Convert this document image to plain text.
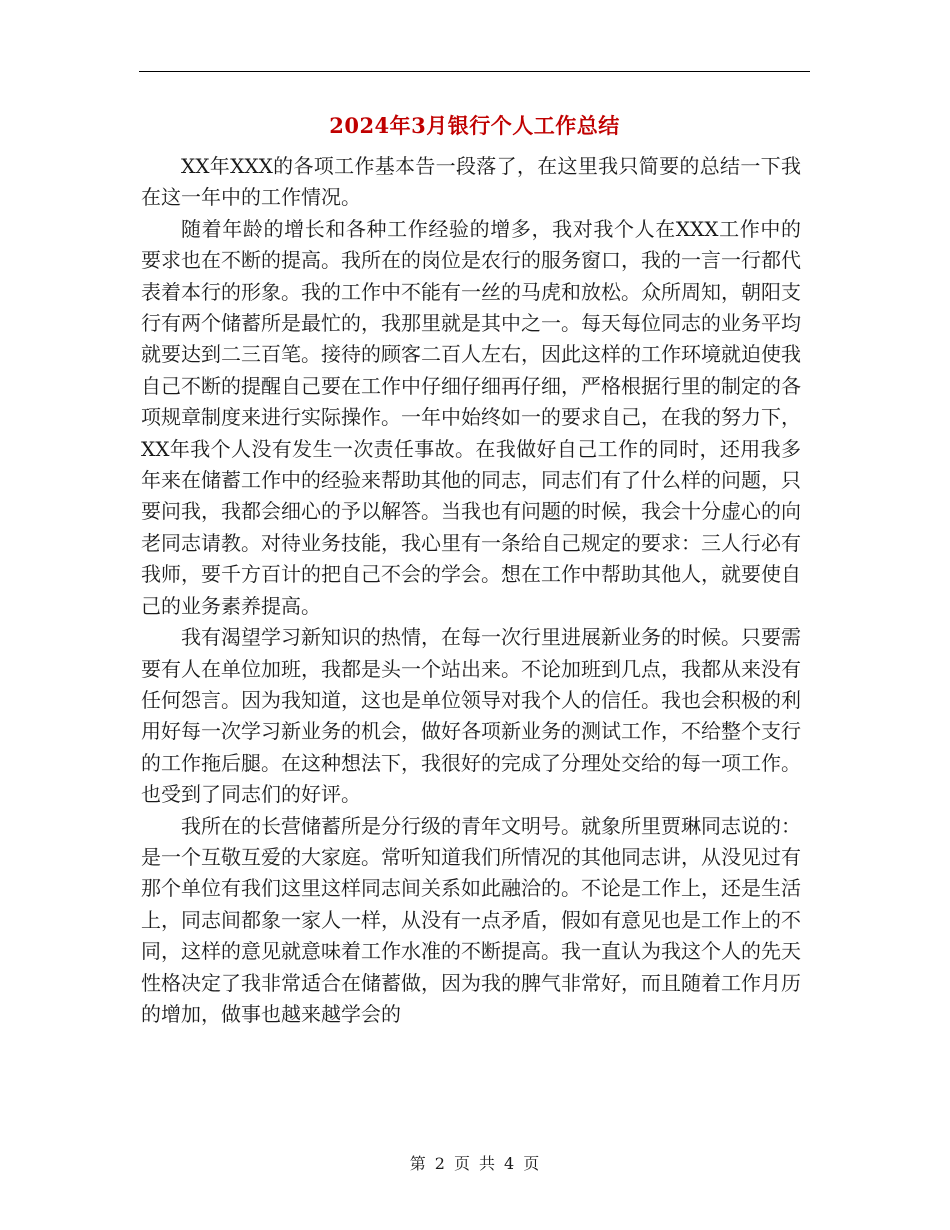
2024年3月银行个人工作总结

XX年XXX的各项工作基本告一段落了，在这里我只简要的总结一下我在这一年中的工作情况。

随着年龄的增长和各种工作经验的增多，我对我个人在XXX工作中的要求也在不断的提高。我所在的岗位是农行的服务窗口，我的一言一行都代表着本行的形象。我的工作中不能有一丝的马虎和放松。众所周知，朝阳支行有两个储蓄所是最忙的，我那里就是其中之一。每天每位同志的业务平均就要达到二三百笔。接待的顾客二百人左右，因此这样的工作环境就迫使我自己不断的提醒自己要在工作中仔细仔细再仔细，严格根据行里的制定的各项规章制度来进行实际操作。一年中始终如一的要求自己，在我的努力下，XX年我个人没有发生一次责任事故。在我做好自己工作的同时，还用我多年来在储蓄工作中的经验来帮助其他的同志，同志们有了什么样的问题，只要问我，我都会细心的予以解答。当我也有问题的时候，我会十分虚心的向老同志请教。对待业务技能，我心里有一条给自己规定的要求：三人行必有我师，要千方百计的把自己不会的学会。想在工作中帮助其他人，就要使自己的业务素养提高。

我有渴望学习新知识的热情，在每一次行里进展新业务的时候。只要需要有人在单位加班，我都是头一个站出来。不论加班到几点，我都从来没有任何怨言。因为我知道，这也是单位领导对我个人的信任。我也会积极的利用好每一次学习新业务的机会，做好各项新业务的测试工作，不给整个支行的工作拖后腿。在这种想法下，我很好的完成了分理处交给的每一项工作。也受到了同志们的好评。

我所在的长营储蓄所是分行级的青年文明号。就象所里贾琳同志说的：是一个互敬互爱的大家庭。常听知道我们所情况的其他同志讲，从没见过有那个单位有我们这里这样同志间关系如此融洽的。不论是工作上，还是生活上，同志间都象一家人一样，从没有一点矛盾，假如有意见也是工作上的不同，这样的意见就意味着工作水准的不断提高。我一直认为我这个人的先天性格决定了我非常适合在储蓄做，因为我的脾气非常好，而且随着工作月历的增加，做事也越来越学会的

第 2 页 共 4 页
